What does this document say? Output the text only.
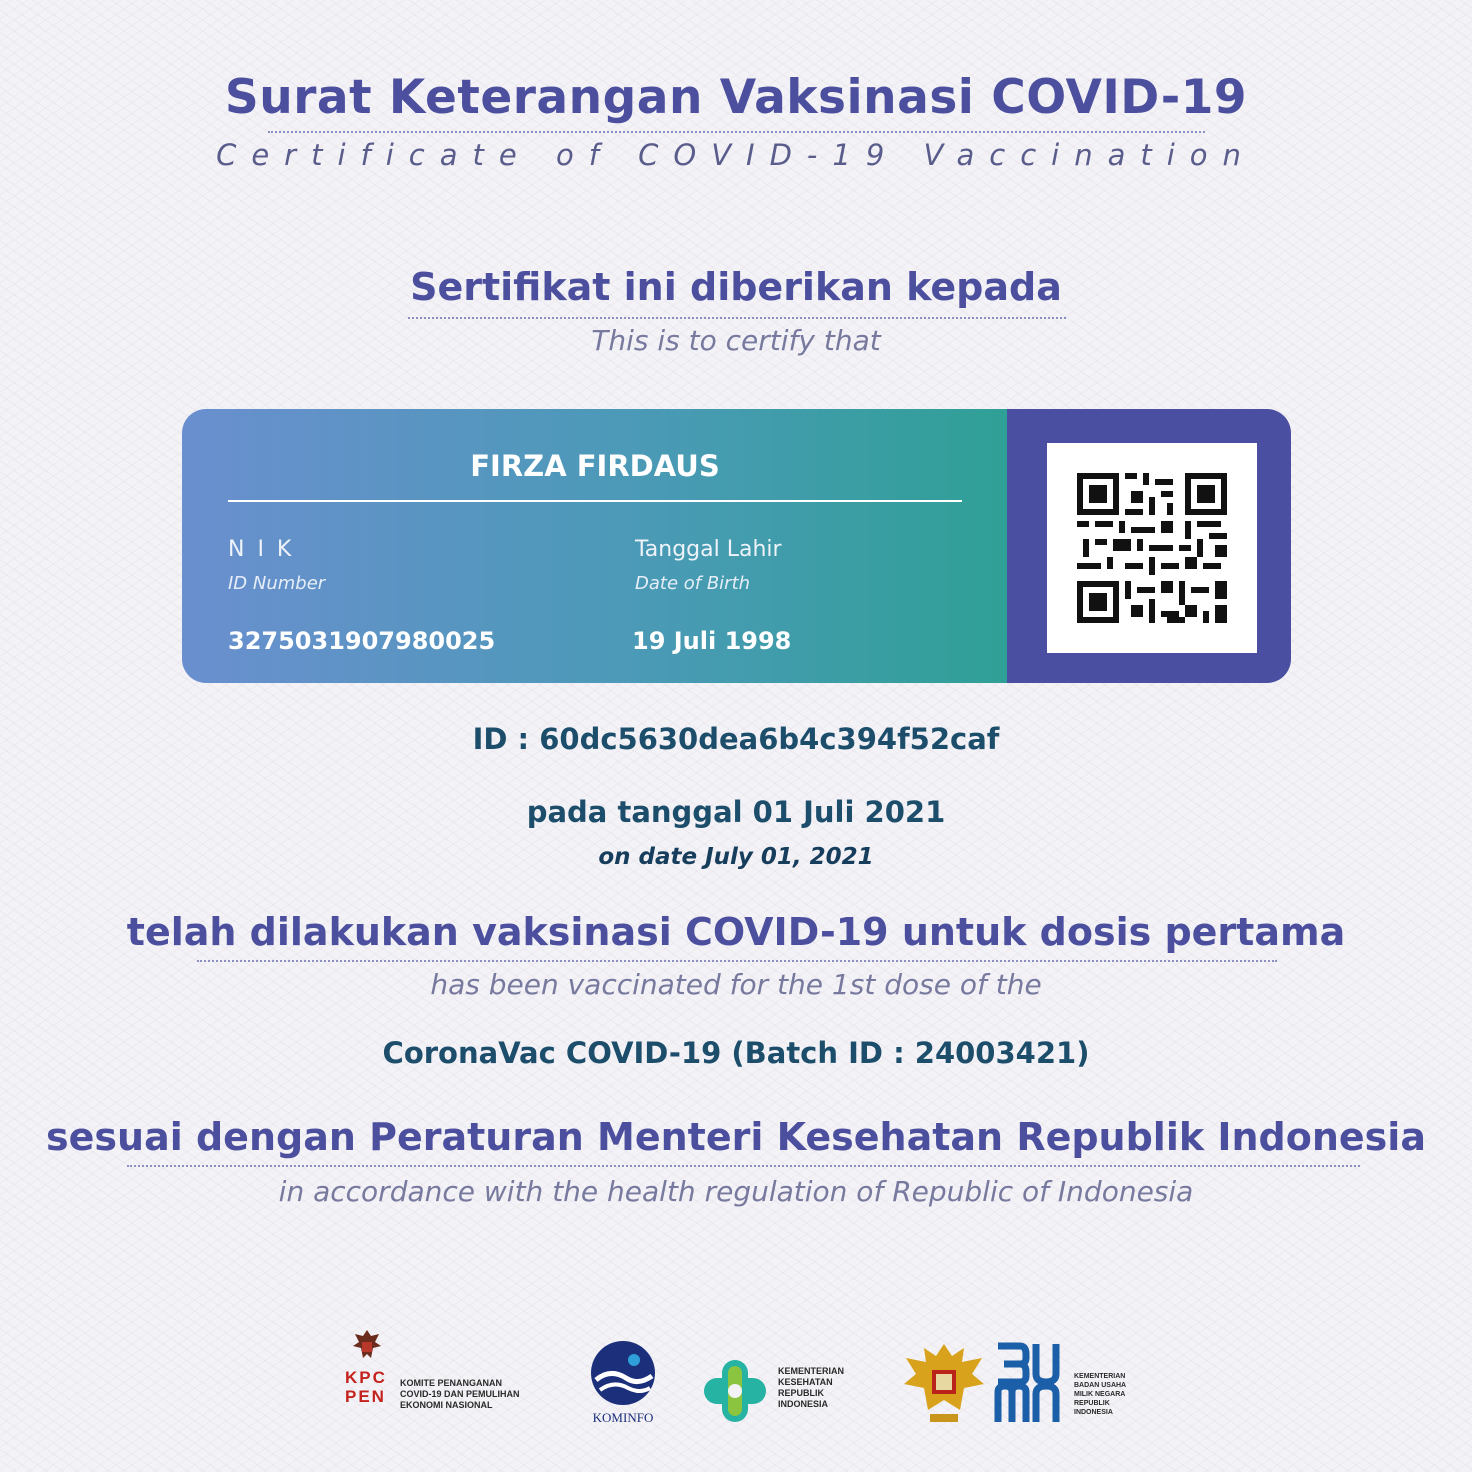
Surat Keterangan Vaksinasi COVID-19
Certificate of COVID-19 Vaccination
Sertifikat ini diberikan kepada
This is to certify that
FIRZA FIRDAUS
N I K
ID Number
3275031907980025
Tanggal Lahir
Date of Birth
19 Juli 1998
ID : 60dc5630dea6b4c394f52caf
pada tanggal 01 Juli 2021
on date July 01, 2021
telah dilakukan vaksinasi COVID-19 untuk dosis pertama
has been vaccinated for the 1st dose of the
CoronaVac COVID-19 (Batch ID : 24003421)
sesuai dengan Peraturan Menteri Kesehatan Republik Indonesia
in accordance with the health regulation of Republic of Indonesia
KPC
PEN
KOMITE PENANGANAN
COVID-19 DAN PEMULIHAN
EKONOMI NASIONAL
KOMINFO
KEMENTERIAN
KESEHATAN
REPUBLIK
INDONESIA
KEMENTERIAN
BADAN USAHA
MILIK NEGARA
REPUBLIK
INDONESIA
